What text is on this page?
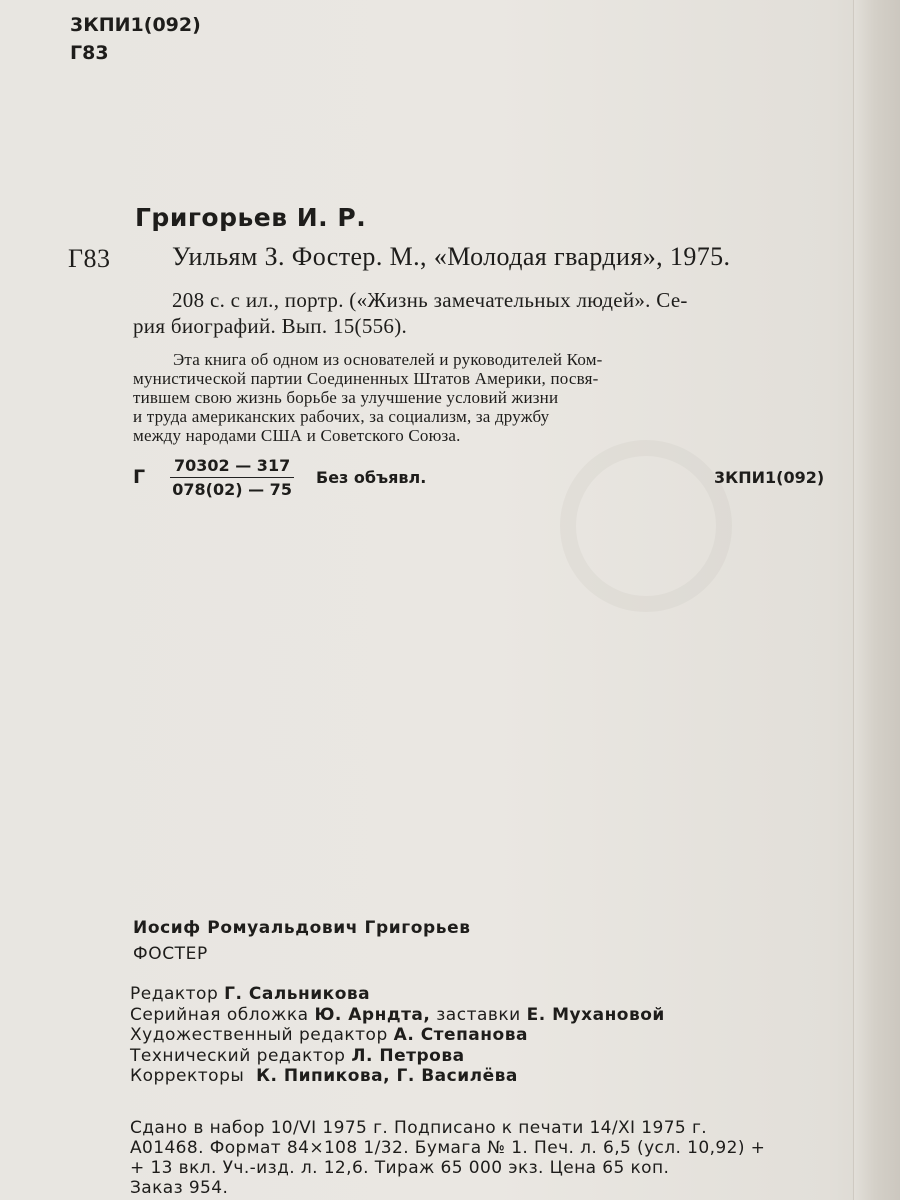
3КПИ1(092)
Г83
Григорьев И. Р.
Г83 Уильям З. Фостер. М., «Молодая гвардия», 1975.
208 с. с ил., портр. («Жизнь замечательных людей». Се-
рия биографий. Вып. 15(556).
Эта книга об одном из основателей и руководителей Ком-
мунистической партии Соединенных Штатов Америки, посвя-
тившем свою жизнь борьбе за улучшение условий жизни
и труда американских рабочих, за социализм, за дружбу
между народами США и Советского Союза.
Г $\frac{70302 — 317}{078(02) — 75}$ Без объявл.	3КПИ1(092)
Иосиф Ромуальдович Григорьев
ФОСТЕР
Редактор Г. Сальникова
Серийная обложка Ю. Арндта, заставки Е. Мухановой
Художественный редактор А. Степанова
Технический редактор Л. Петрова
Корректоры К. Пипикова, Г. Василёва
Сдано в набор 10/VI 1975 г. Подписано к печати 14/XI 1975 г.
А01468. Формат 84×108 1/32. Бумага № 1. Печ. л. 6,5 (усл. 10,92) +
+ 13 вкл. Уч.-изд. л. 12,6. Тираж 65 000 экз. Цена 65 коп.
Заказ 954.
